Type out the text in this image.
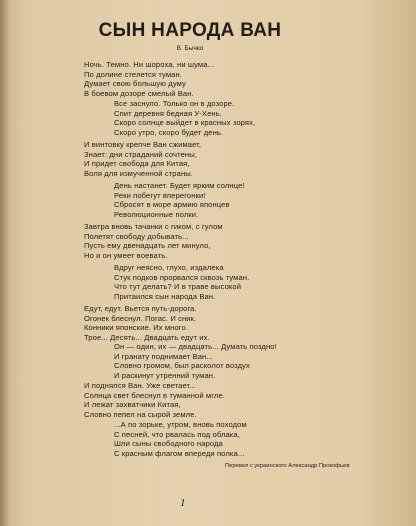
СЫН НАРОДА ВАН
В. Бычко
Ночь. Темно. Ни шороха, ни шума...
По долине стелется туман.
Думает свою большую думу
В боевом дозоре смелый Ван.
Все заснуло. Только он в дозоре.
Спит деревня бедная У-Хень.
Скоро солнце выйдет в красных зорях,
Скоро утро, скоро будет день.
И винтовку крепче Ван сжимает,
Знает: дни страданий сочтены,
И придет свобода для Китая,
Воля для измученной страны.
День настанет. Будет ярким солнце!
Реки побегут вперегонки!
Сбросят в море армию японцев
Революционные полки.
Завтра вновь тачанки с гиком, с гулом
Полетят свободу добывать...
Пусть ему двенадцать лет минуло,
Но и он умеет воевать.
Вдруг неясно, глухо, издалека
Стук подков прорвался сквозь туман.
Что тут делать? И в траве высокой
Притаился сын народа Ван.
Едут, едут. Вьется путь-дорога.
Огонек блеснул. Погас. И сник.
Конники японские. Их много.
Трое... Десять... Двадцать едут их.
Он — один, их — двадцать... Думать поздно!
И гранату поднимает Ван...
Словно громом, был расколот воздух
И раскинут утренний туман.
И поднялся Ван. Уже светает...
Солнца свет блеснул в туманной мгле.
И лежат захватчики Китая,
Словно пепел на сырой земле.
...А по зорьке, утром, вновь походом
С песней, что рвалась под облака,
Шли сыны свободного народа
С красным флагом впереди полка...
Перевел с украинского Александр Прокофьев
1
